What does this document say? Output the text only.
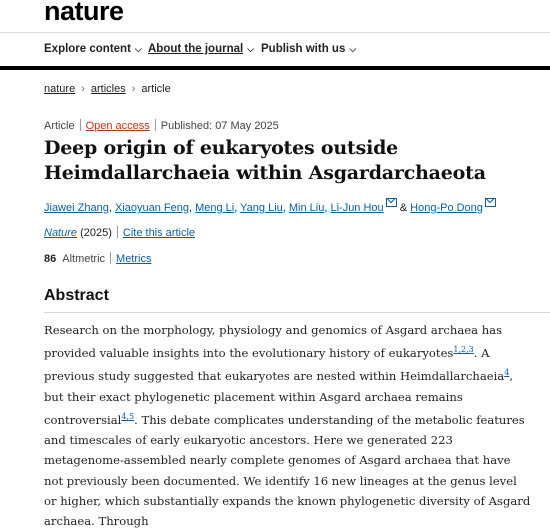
nature
Explore content ⌵ About the journal ⌵ Publish with us ⌵
nature › articles › article
Article Open access Published: 07 May 2025
Deep origin of eukaryotes outside Heimdallarchaeia within Asgardarchaeota
Jiawei Zhang, Xiaoyuan Feng, Meng Li, Yang Liu, Min Liu, Li-Jun Hou & Hong-Po Dong
Nature (2025) Cite this article
86 Altmetric Metrics
Abstract

Research on the morphology, physiology and genomics of Asgard archaea has provided valuable insights into the evolutionary history of eukaryotes$^{1,2,3}$. A previous study suggested that eukaryotes are nested within Heimdallarchaeia$^4$, but their exact phylogenetic placement within Asgard archaea remains controversial$^{4,5}$. This debate complicates understanding of the metabolic features and timescales of early eukaryotic ancestors. Here we generated 223 metagenome-assembled nearly complete genomes of Asgard archaea that have not previously been documented. We identify 16 new lineages at the genus level or higher, which substantially expands the known phylogenetic diversity of Asgard archaea. Through
